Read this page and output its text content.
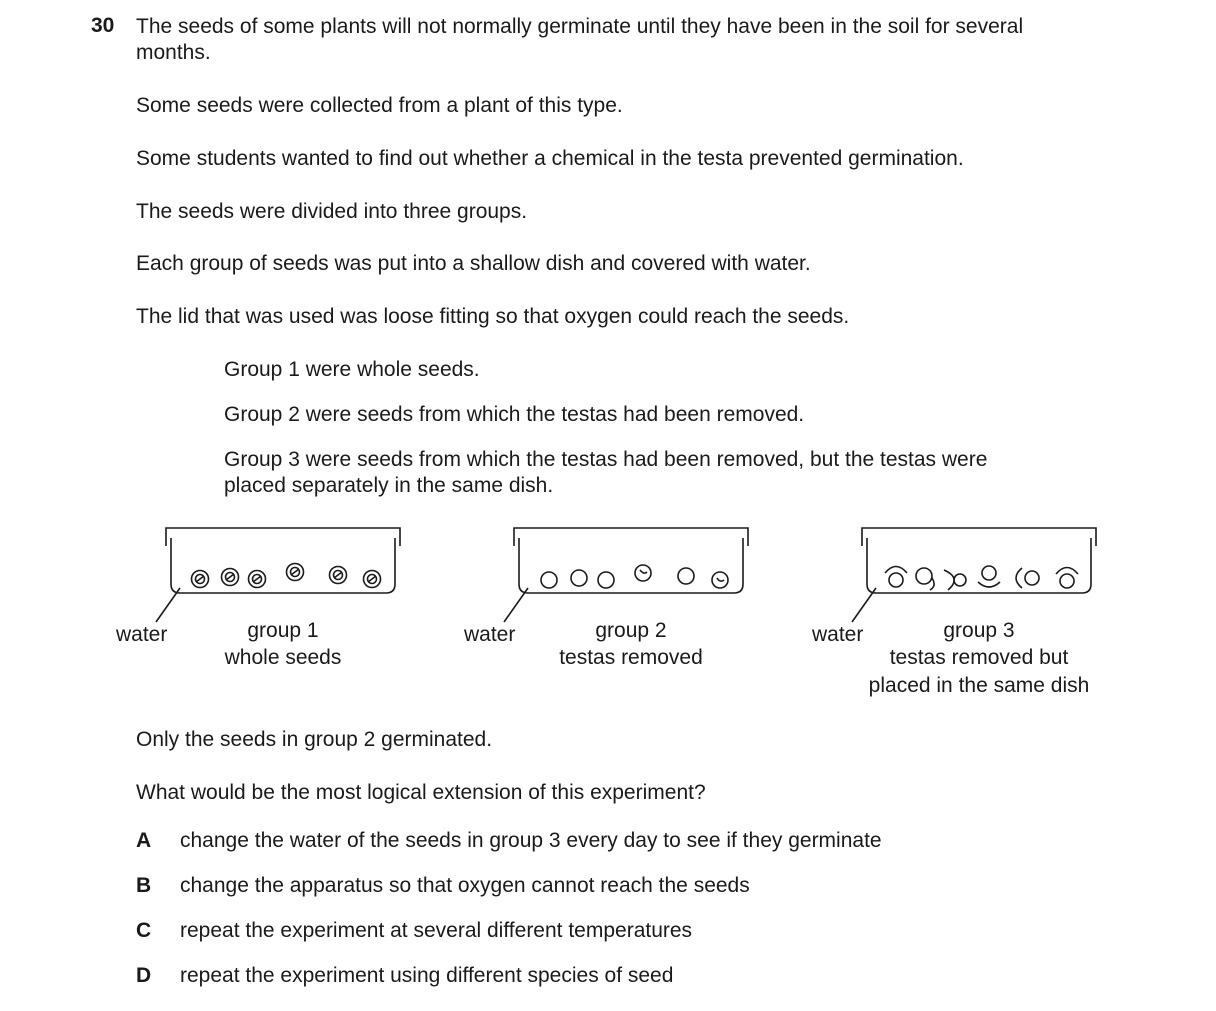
30 The seeds of some plants will not normally germinate until they have been in the soil for several

months.

Some seeds were collected from a plant of this type.

Some students wanted to find out whether a chemical in the testa prevented germination.

The seeds were divided into three groups.

Each group of seeds was put into a shallow dish and covered with water.

The lid that was used was loose fitting so that oxygen could reach the seeds.

Group 1 were whole seeds.

Group 2 were seeds from which the testas had been removed.

Group 3 were seeds from which the testas had been removed, but the testas were

placed separately in the same dish.

water	group 1
whole seeds
water	group 2
testas removed
water	group 3
testas removed but
placed in the same dish

Only the seeds in group 2 germinated.

What would be the most logical extension of this experiment?

A change the water of the seeds in group 3 every day to see if they germinate
B change the apparatus so that oxygen cannot reach the seeds
C repeat the experiment at several different temperatures
D repeat the experiment using different species of seed
